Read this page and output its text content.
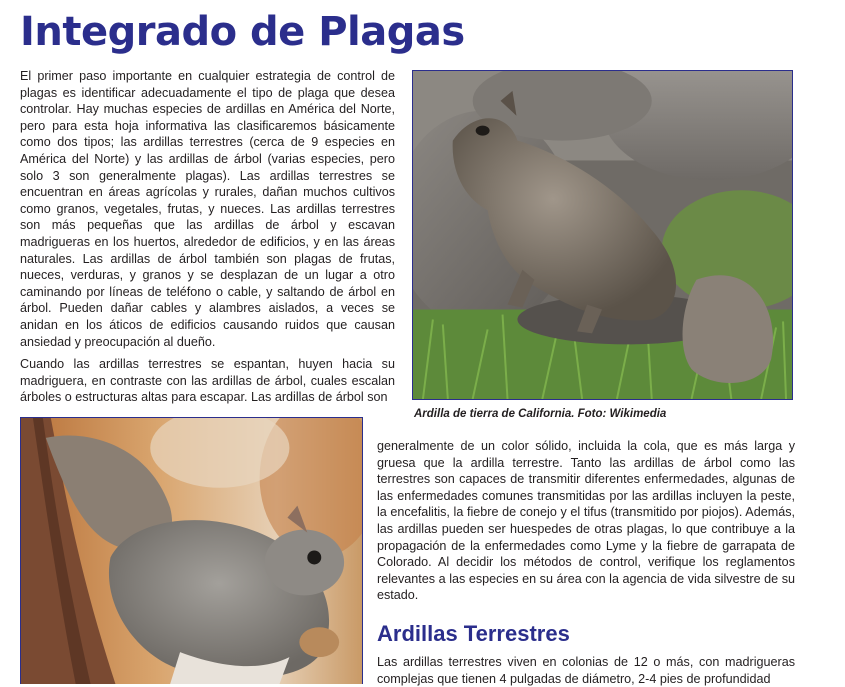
Integrado de Plagas

El primer paso importante en cualquier estrategia de control de plagas es identificar adecuadamente el tipo de plaga que desea controlar. Hay muchas especies de ardillas en América del Norte, pero para esta hoja informativa las clasificaremos básicamente como dos tipos; las ardillas terrestres (cerca de 9 especies en América del Norte) y las ardillas de árbol (varias especies, pero solo 3 son generalmente plagas). Las ardillas terrestres se encuentran en áreas agrícolas y rurales, dañan muchos cultivos como granos, vegetales, frutas, y nueces. Las ardillas terrestres son más pequeñas que las ardillas de árbol y escavan madrigueras en los huertos, alrededor de edificios, y en las áreas naturales. Las ardillas de árbol también son plagas de frutas, nueces, verduras, y granos y se desplazan de un lugar a otro caminando por líneas de teléfono o cable, y saltando de árbol en árbol. Pueden dañar cables y alambres aislados, a veces se anidan en los áticos de edificios causando ruidos que causan ansiedad y preocupación al dueño.

Ardilla de tierra de California. Foto: Wikimedia

Cuando las ardillas terrestres se espantan, huyen hacia su madriguera, en contraste con las ardillas de árbol, cuales escalan árboles o estructuras altas para escapar. Las ardillas de árbol son

generalmente de un color sólido, incluida la cola, que es más larga y gruesa que la ardilla terrestre. Tanto las ardillas de árbol como las terrestres son capaces de transmitir diferentes enfermedades, algunas de las enfermedades comunes transmitidas por las ardillas incluyen la peste, la encefalitis, la fiebre de conejo y el tifus (transmitido por piojos). Además, las ardillas pueden ser huespedes de otras plagas, lo que contribuye a la propagación de la enfermedades como Lyme y la fiebre de garrapata de Colorado. Al decidir los métodos de control, verifique los reglamentos relevantes a las especies en su área con la agencia de vida silvestre de su estado.

Ardillas Terrestres

Las ardillas terrestres viven en colonias de 12 o más, con madrigueras complejas que tienen 4 pulgadas de diámetro, 2-4 pies de profundidad
